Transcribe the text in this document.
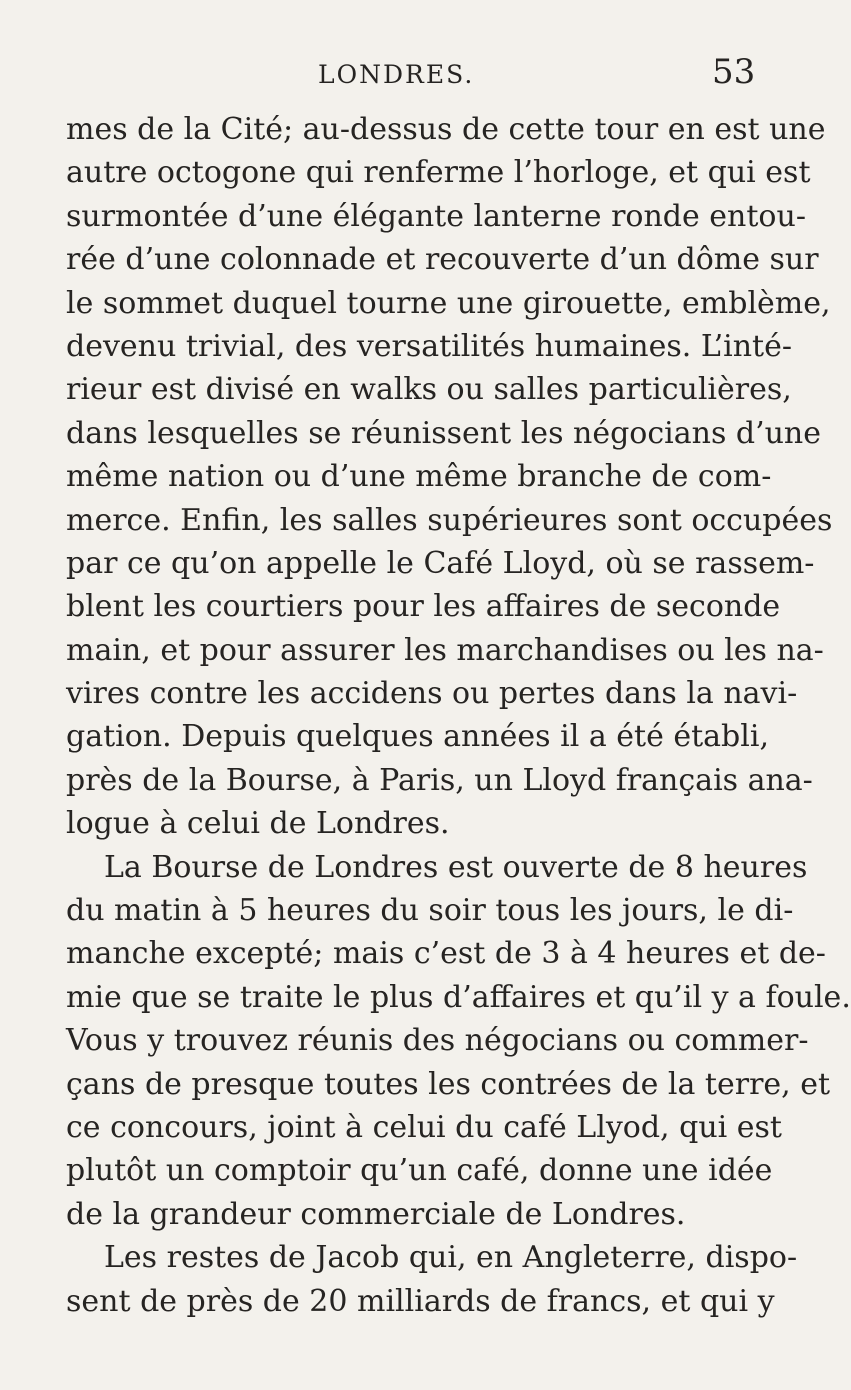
LONDRES.	53
mes de la Cité; au-dessus de cette tour en est une
autre octogone qui renferme l’horloge, et qui est
surmontée d’une élégante lanterne ronde entou-
rée d’une colonnade et recouverte d’un dôme sur
le sommet duquel tourne une girouette, emblème,
devenu trivial, des versatilités humaines. L’inté-
rieur est divisé en walks ou salles particulières,
dans lesquelles se réunissent les négocians d’une
même nation ou d’une même branche de com-
merce. Enfin, les salles supérieures sont occupées
par ce qu’on appelle le Café Lloyd, où se rassem-
blent les courtiers pour les affaires de seconde
main, et pour assurer les marchandises ou les na-
vires contre les accidens ou pertes dans la navi-
gation. Depuis quelques années il a été établi,
près de la Bourse, à Paris, un Lloyd français ana-
logue à celui de Londres.
La Bourse de Londres est ouverte de 8 heures
du matin à 5 heures du soir tous les jours, le di-
manche excepté; mais c’est de 3 à 4 heures et de-
mie que se traite le plus d’affaires et qu’il y a foule.
Vous y trouvez réunis des négocians ou commer-
çans de presque toutes les contrées de la terre, et
ce concours, joint à celui du café Llyod, qui est
plutôt un comptoir qu’un café, donne une idée
de la grandeur commerciale de Londres.
Les restes de Jacob qui, en Angleterre, dispo-
sent de près de 20 milliards de francs, et qui y
